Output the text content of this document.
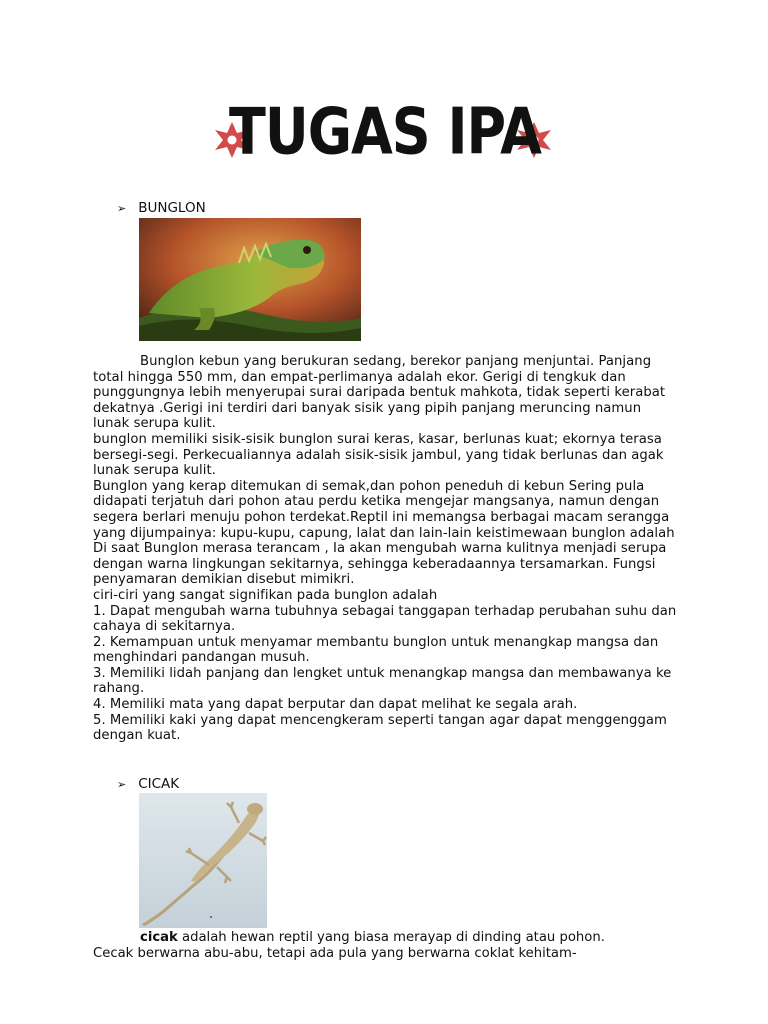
TUGAS IPA
➢ BUNGLON

Bunglon kebun yang berukuran sedang, berekor panjang menjuntai. Panjang total hingga 550 mm, dan empat-perlimanya adalah ekor. Gerigi di tengkuk dan punggungnya lebih menyerupai surai daripada bentuk mahkota, tidak seperti kerabat dekatnya .Gerigi ini terdiri dari banyak sisik yang pipih panjang meruncing namun lunak serupa kulit.

bunglon memiliki sisik-sisik bunglon surai keras, kasar, berlunas kuat; ekornya terasa bersegi-segi. Perkecualiannya adalah sisik-sisik jambul, yang tidak berlunas dan agak lunak serupa kulit.

Bunglon yang kerap ditemukan di semak,dan pohon peneduh di kebun Sering pula didapati terjatuh dari pohon atau perdu ketika mengejar mangsanya, namun dengan segera berlari menuju pohon terdekat.Reptil ini memangsa berbagai macam serangga yang dijumpainya: kupu-kupu, capung, lalat dan lain-lain keistimewaan bunglon adalah Di saat Bunglon merasa terancam , Ia akan mengubah warna kulitnya menjadi serupa dengan warna lingkungan sekitarnya, sehingga keberadaannya tersamarkan. Fungsi penyamaran demikian disebut mimikri.

ciri-ciri yang sangat signifikan pada bunglon adalah

1. Dapat mengubah warna tubuhnya sebagai tanggapan terhadap perubahan suhu dan cahaya di sekitarnya.

2. Kemampuan untuk menyamar membantu bunglon untuk menangkap mangsa dan menghindari pandangan musuh.

3. Memiliki lidah panjang dan lengket untuk menangkap mangsa dan membawanya ke rahang.

4. Memiliki mata yang dapat berputar dan dapat melihat ke segala arah.

5. Memiliki kaki yang dapat mencengkeram seperti tangan agar dapat menggenggam dengan kuat.

➢ CICAK

cicak adalah hewan reptil yang biasa merayap di dinding atau pohon.

Cecak berwarna abu-abu, tetapi ada pula yang berwarna coklat kehitam-
